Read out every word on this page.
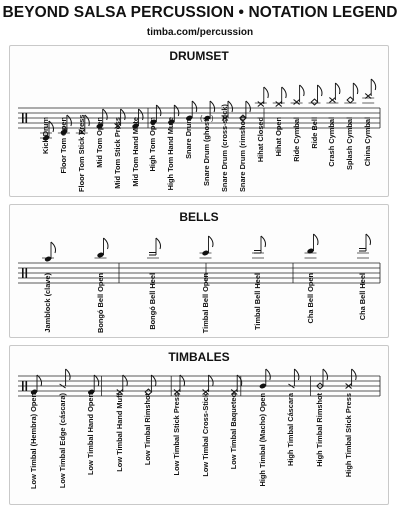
BEYOND SALSA PERCUSSION • NOTATION LEGEND
timba.com/percussion
DRUMSET
( )
Kick Drum Floor Tom Open Floor Tom Stick Press Mid Tom Open Mid Tom Stick Press Mid Tom Hand Mute High Tom Open High Tom Hand Mute Snare Drum Snare Drum (ghost) Snare Drum (cross-stick) Snare Drum (rimshot) Hihat Closed Hihat Open Ride Cymbal Ride Bell Crash Cymbal Splash Cymbal China Cymbal
BELLS
Jamblock (clave)	Bongó Bell Open	Bongó Bell Heel	Timbal Bell Open	Timbal Bell Heel	Cha Bell Open	Cha Bell Heel
TIMBALES
Low Timbal (Hembra) Open	Low Timbal Edge (cáscara)	Low Timbal Hand Open	Low Timbal Hand Muff	Low Timbal Rimshot	Low Timbal Stick Press	Low Timbal Cross-Stick	Low Timbal Baqueteo	High Timbal (Macho) Open	High Timbal Cáscara	High Timbal Rimshot	High Timbal Stick Press
